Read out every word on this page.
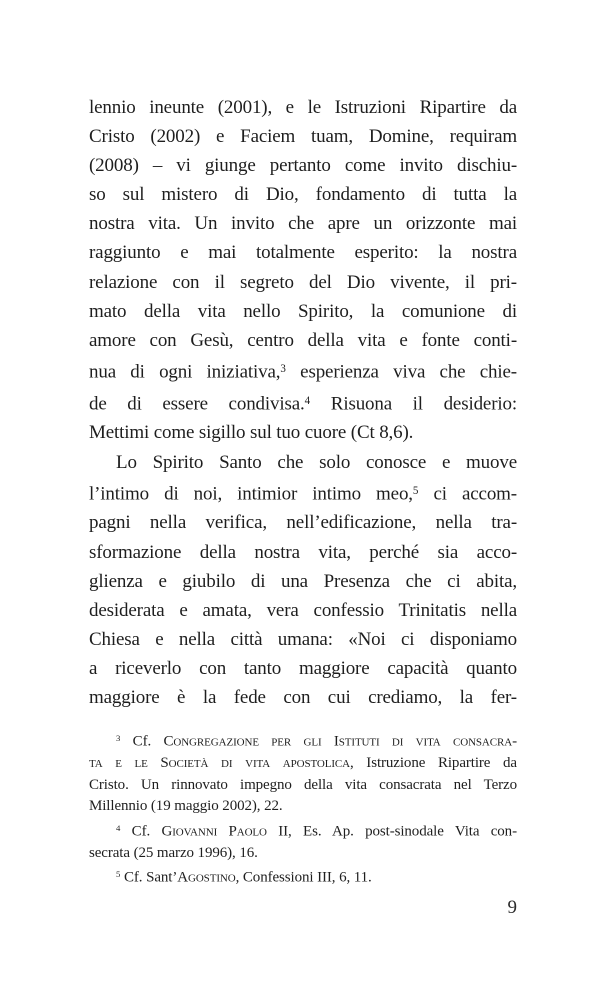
lennio ineunte (2001), e le Istruzioni Ripartire da
Cristo (2002) e Faciem tuam, Domine, requiram
(2008) – vi giunge pertanto come invito dischiu-
so sul mistero di Dio, fondamento di tutta la
nostra vita. Un invito che apre un orizzonte mai
raggiunto e mai totalmente esperito: la nostra
relazione con il segreto del Dio vivente, il pri-
mato della vita nello Spirito, la comunione di
amore con Gesù, centro della vita e fonte conti-
nua di ogni iniziativa,$^3$ esperienza viva che chie-
de di essere condivisa.$^4$ Risuona il desiderio:
Mettimi come sigillo sul tuo cuore (Ct 8,6).
Lo Spirito Santo che solo conosce e muove
l’intimo di noi, intimior intimo meo,$^5$ ci accom-
pagni nella verifica, nell’edificazione, nella tra-
sformazione della nostra vita, perché sia acco-
glienza e giubilo di una Presenza che ci abita,
desiderata e amata, vera confessio Trinitatis nella
Chiesa e nella città umana: «Noi ci disponiamo
a riceverlo con tanto maggiore capacità quanto
maggiore è la fede con cui crediamo, la fer-
$^3$ Cf. Congregazione per gli Istituti di vita consacra-
ta e le Società di vita apostolica, Istruzione Ripartire da
Cristo. Un rinnovato impegno della vita consacrata nel Terzo
Millennio (19 maggio 2002), 22.
$^4$ Cf. Giovanni Paolo II, Es. Ap. post-sinodale Vita con-
secrata (25 marzo 1996), 16.
$^5$ Cf. Sant’Agostino, Confessioni III, 6, 11.
9
